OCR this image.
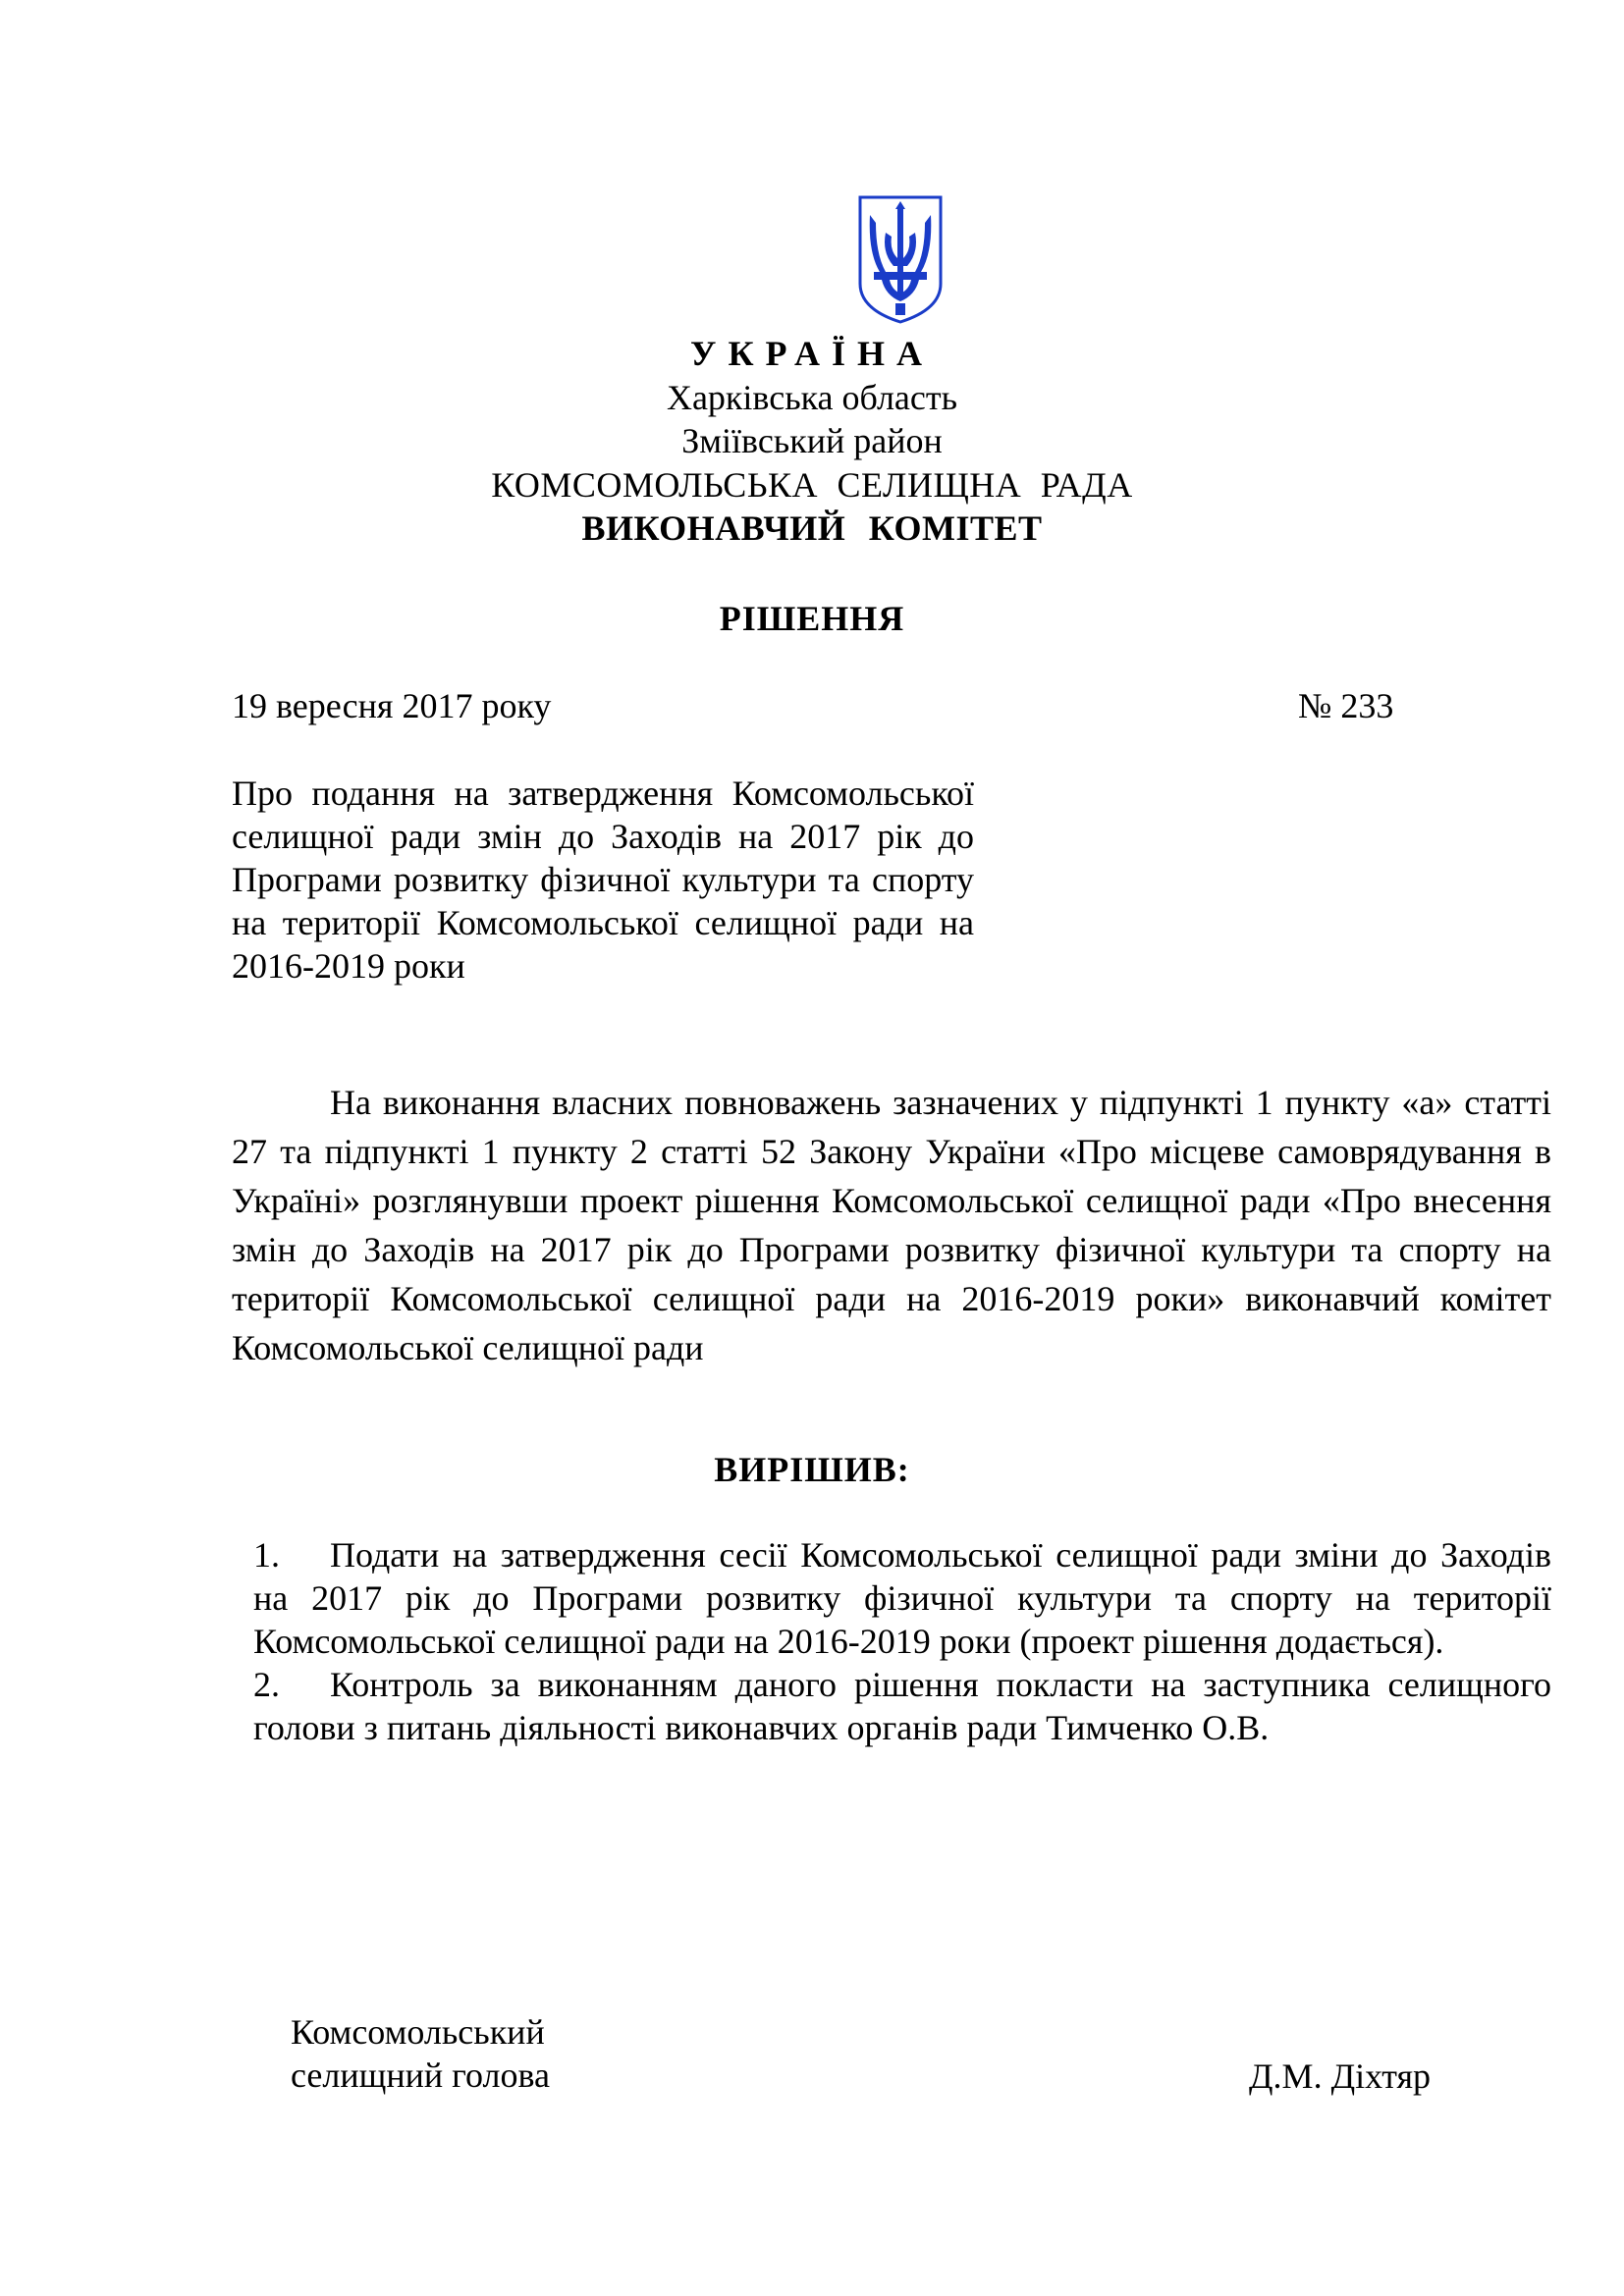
УКРАЇНА
Харківська область
Зміївський район
КОМСОМОЛЬСЬКА СЕЛИЩНА РАДА
ВИКОНАВЧИЙ КОМІТЕТ
РІШЕННЯ
19 вересня 2017 року	№ 233
Про подання на затвердження Комсомольської селищної ради змін до Заходів на 2017 рік до Програми розвитку фізичної культури та спорту на території Комсомольської селищної ради на 2016-2019 роки
На виконання власних повноважень зазначених у підпункті 1 пункту «а» статті 27 та підпункті 1 пункту 2 статті 52 Закону України «Про місцеве самоврядування в Україні» розглянувши проект рішення Комсомольської селищної ради «Про внесення змін до Заходів на 2017 рік до Програми розвитку фізичної культури та спорту на території Комсомольської селищної ради на 2016-2019 роки» виконавчий комітет Комсомольської селищної ради
ВИРІШИВ:
1. Подати на затвердження сесії Комсомольської селищної ради зміни до Заходів на 2017 рік до Програми розвитку фізичної культури та спорту на території Комсомольської селищної ради на 2016-2019 роки (проект рішення додається).
2. Контроль за виконанням даного рішення покласти на заступника селищного голови з питань діяльності виконавчих органів ради Тимченко О.В.
Комсомольський
селищний голова	Д.М. Діхтяр
